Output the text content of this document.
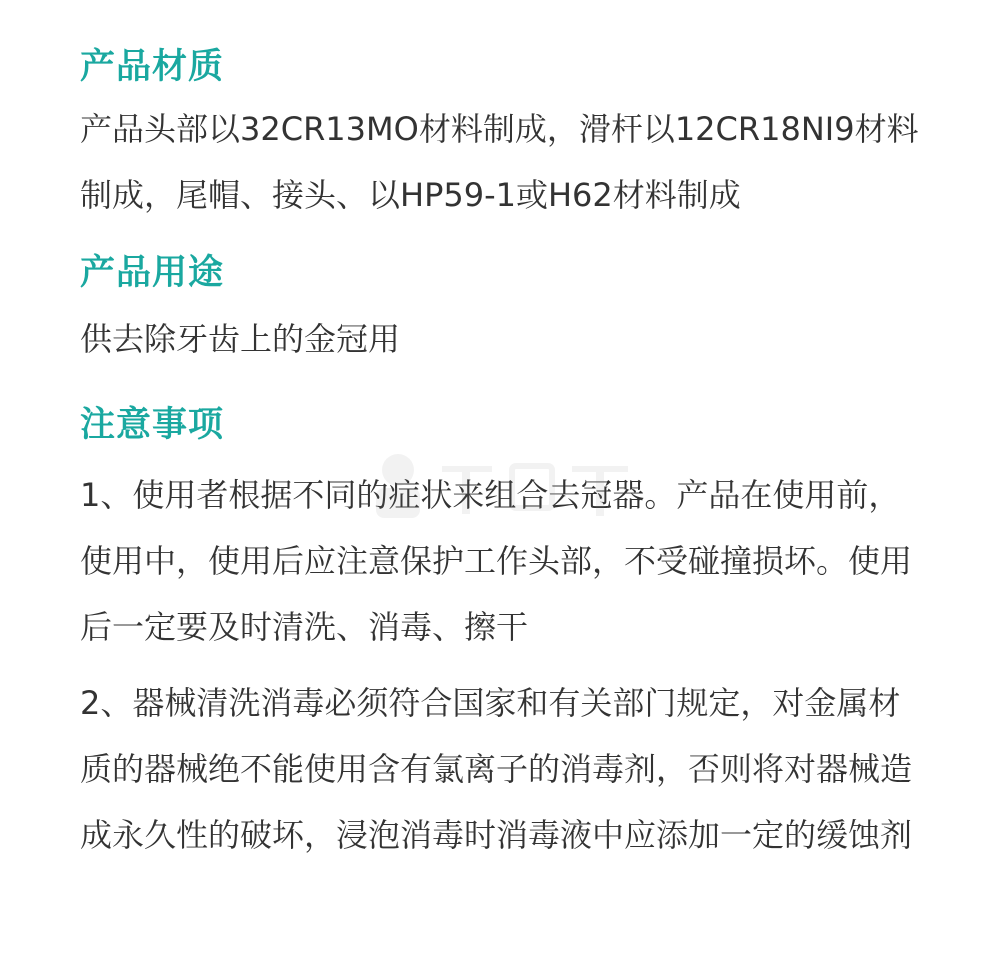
产品材质

产品头部以32CR13MO材料制成，滑杆以12CR18NI9材料制成，尾帽、接头、以HP59-1或H62材料制成

产品用途

供去除牙齿上的金冠用

注意事项

1、使用者根据不同的症状来组合去冠器。产品在使用前，使用中，使用后应注意保护工作头部，不受碰撞损坏。使用后一定要及时清洗、消毒、擦干

2、器械清洗消毒必须符合国家和有关部门规定，对金属材质的器械绝不能使用含有氯离子的消毒剂，否则将对器械造成永久性的破坏，浸泡消毒时消毒液中应添加一定的缓蚀剂
